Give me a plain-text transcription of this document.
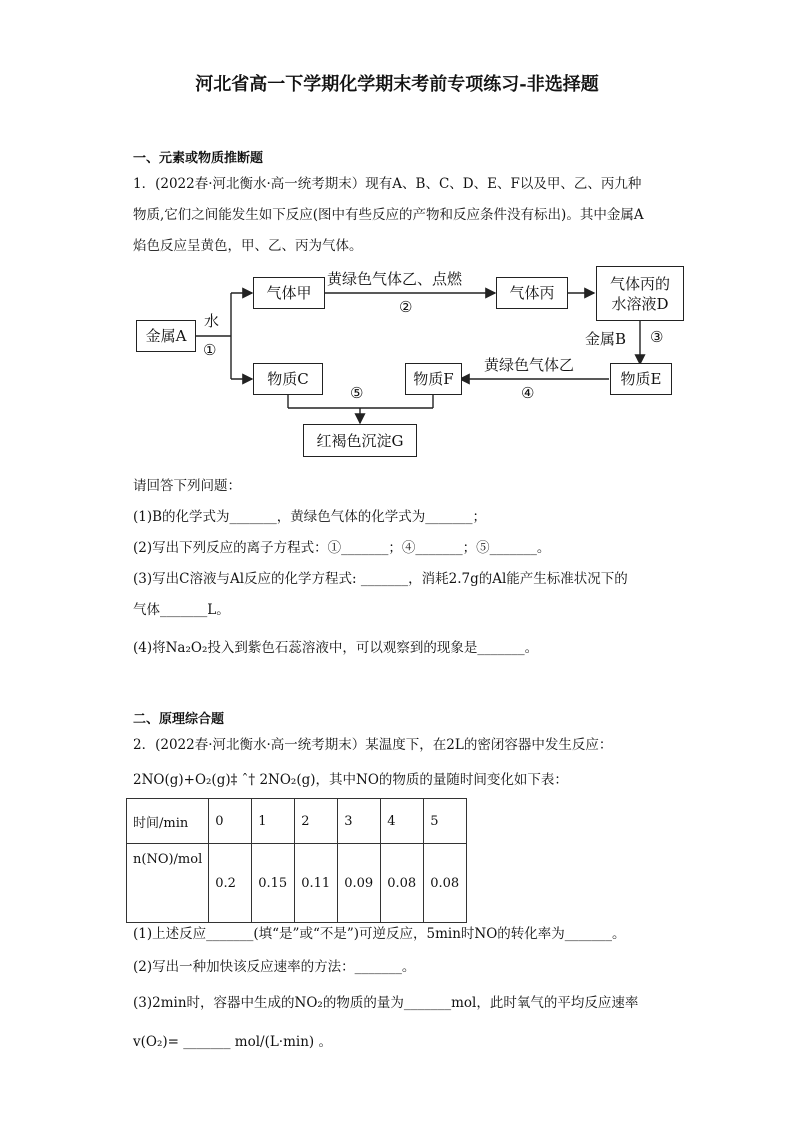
河北省高一下学期化学期末考前专项练习-非选择题
一、元素或物质推断题
1．(2022春·河北衡水·高一统考期末）现有A、B、C、D、E、F以及甲、乙、丙九种
物质,它们之间能发生如下反应(图中有些反应的产物和反应条件没有标出)。其中金属A
焰色反应呈黄色，甲、乙、丙为气体。
金属A
气体甲	气体丙
气体丙的
水溶液D
物质C	物质F	物质E
红褐色沉淀G
水
①
黄绿色气体乙、点燃
②
金属B ③
黄绿色气体乙
④
⑤
请回答下列问题：
(1)B的化学式为_______，黄绿色气体的化学式为_______；
(2)写出下列反应的离子方程式：①_______；④_______；⑤_______。
(3)写出C溶液与Al反应的化学方程式: _______，消耗2.7g的Al能产生标准状况下的
气体_______L。
(4)将Na₂O₂投入到紫色石蕊溶液中，可以观察到的现象是_______。
二、原理综合题
2．(2022春·河北衡水·高一统考期末）某温度下，在2L的密闭容器中发生反应：
2NO(g)+O₂(g)‡ ˆ† 2NO₂(g)，其中NO的物质的量随时间变化如下表：
时间/min	0	1	2	3	4	5
n(NO)/mol	0.2	0.15	0.11	0.09	0.08	0.08
(1)上述反应_______(填“是”或“不是”)可逆反应，5min时NO的转化率为_______。
(2)写出一种加快该反应速率的方法：_______。
(3)2min时，容器中生成的NO₂的物质的量为_______mol，此时氧气的平均反应速率
v(O₂)= _______ mol/(L·min) 。
